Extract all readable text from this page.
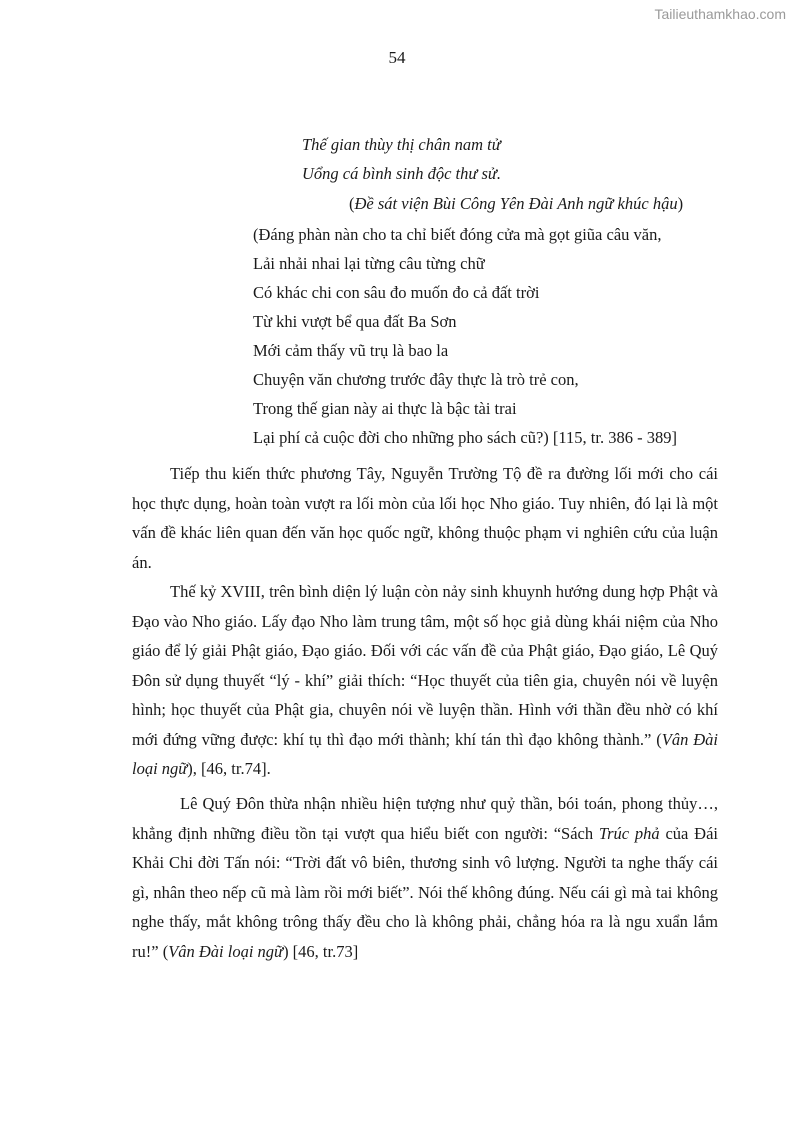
Tailieuthamkhao.com
54
Thế gian thùy thị chân nam tử
Uổng cá bình sinh độc thư sử.
(Đề sát viện Bùi Công Yên Đài Anh ngữ khúc hậu)
(Đáng phàn nàn cho ta chỉ biết đóng cửa mà gọt giũa câu văn,
Lải nhải nhai lại từng câu từng chữ
Có khác chi con sâu đo muốn đo cả đất trời
Từ khi vượt bể qua đất Ba Sơn
Mới cảm thấy vũ trụ là bao la
Chuyện văn chương trước đây thực là trò trẻ con,
Trong thế gian này ai thực là bậc tài trai
Lại phí cả cuộc đời cho những pho sách cũ?) [115, tr. 386 - 389]

Tiếp thu kiến thức phương Tây, Nguyễn Trường Tộ đề ra đường lối mới cho cái học thực dụng, hoàn toàn vượt ra lối mòn của lối học Nho giáo. Tuy nhiên, đó lại là một vấn đề khác liên quan đến văn học quốc ngữ, không thuộc phạm vi nghiên cứu của luận án.

Thế kỷ XVIII, trên bình diện lý luận còn nảy sinh khuynh hướng dung hợp Phật và Đạo vào Nho giáo. Lấy đạo Nho làm trung tâm, một số học giả dùng khái niệm của Nho giáo để lý giải Phật giáo, Đạo giáo. Đối với các vấn đề của Phật giáo, Đạo giáo, Lê Quý Đôn sử dụng thuyết “lý - khí” giải thích: “Học thuyết của tiên gia, chuyên nói về luyện hình; học thuyết của Phật gia, chuyên nói về luyện thần. Hình với thần đều nhờ có khí mới đứng vững được: khí tụ thì đạo mới thành; khí tán thì đạo không thành.” (Vân Đài loại ngữ), [46, tr.74].

Lê Quý Đôn thừa nhận nhiều hiện tượng như quỷ thần, bói toán, phong thủy…, khẳng định những điều tồn tại vượt qua hiểu biết con người: “Sách Trúc phả của Đái Khải Chi đời Tấn nói: “Trời đất vô biên, thương sinh vô lượng. Người ta nghe thấy cái gì, nhân theo nếp cũ mà làm rồi mới biết”. Nói thế không đúng. Nếu cái gì mà tai không nghe thấy, mắt không trông thấy đều cho là không phải, chẳng hóa ra là ngu xuẩn lắm ru!” (Vân Đài loại ngữ) [46, tr.73]
